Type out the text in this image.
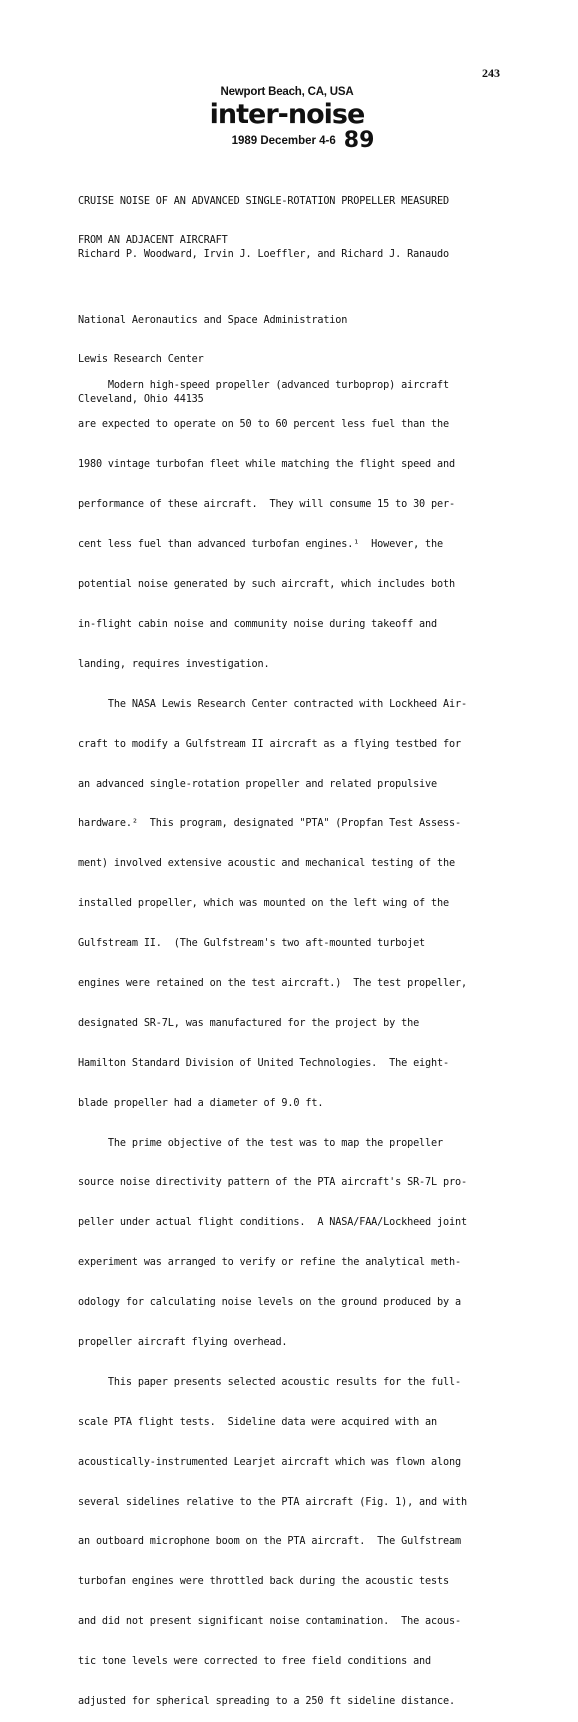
243
Newport Beach, CA, USA
inter-noise
1989 December 4-6 89

CRUISE NOISE OF AN ADVANCED SINGLE-ROTATION PROPELLER MEASURED

FROM AN ADJACENT AIRCRAFT

Richard P. Woodward, Irvin J. Loeffler, and Richard J. Ranaudo

National Aeronautics and Space Administration

Lewis Research Center

Cleveland, Ohio 44135

Modern high-speed propeller (advanced turboprop) aircraft

are expected to operate on 50 to 60 percent less fuel than the

1980 vintage turbofan fleet while matching the flight speed and

performance of these aircraft.  They will consume 15 to 30 per-

cent less fuel than advanced turbofan engines.¹  However, the

potential noise generated by such aircraft, which includes both

in-flight cabin noise and community noise during takeoff and

landing, requires investigation.

The NASA Lewis Research Center contracted with Lockheed Air-

craft to modify a Gulfstream II aircraft as a flying testbed for

an advanced single-rotation propeller and related propulsive

hardware.²  This program, designated "PTA" (Propfan Test Assess-

ment) involved extensive acoustic and mechanical testing of the

installed propeller, which was mounted on the left wing of the

Gulfstream II.  (The Gulfstream's two aft-mounted turbojet

engines were retained on the test aircraft.)  The test propeller,

designated SR-7L, was manufactured for the project by the

Hamilton Standard Division of United Technologies.  The eight-

blade propeller had a diameter of 9.0 ft.

The prime objective of the test was to map the propeller

source noise directivity pattern of the PTA aircraft's SR-7L pro-

peller under actual flight conditions.  A NASA/FAA/Lockheed joint

experiment was arranged to verify or refine the analytical meth-

odology for calculating noise levels on the ground produced by a

propeller aircraft flying overhead.

This paper presents selected acoustic results for the full-

scale PTA flight tests.  Sideline data were acquired with an

acoustically-instrumented Learjet aircraft which was flown along

several sidelines relative to the PTA aircraft (Fig. 1), and with

an outboard microphone boom on the PTA aircraft.  The Gulfstream

turbofan engines were throttled back during the acoustic tests

and did not present significant noise contamination.  The acous-

tic tone levels were corrected to free field conditions and

adjusted for spherical spreading to a 250 ft sideline distance.
